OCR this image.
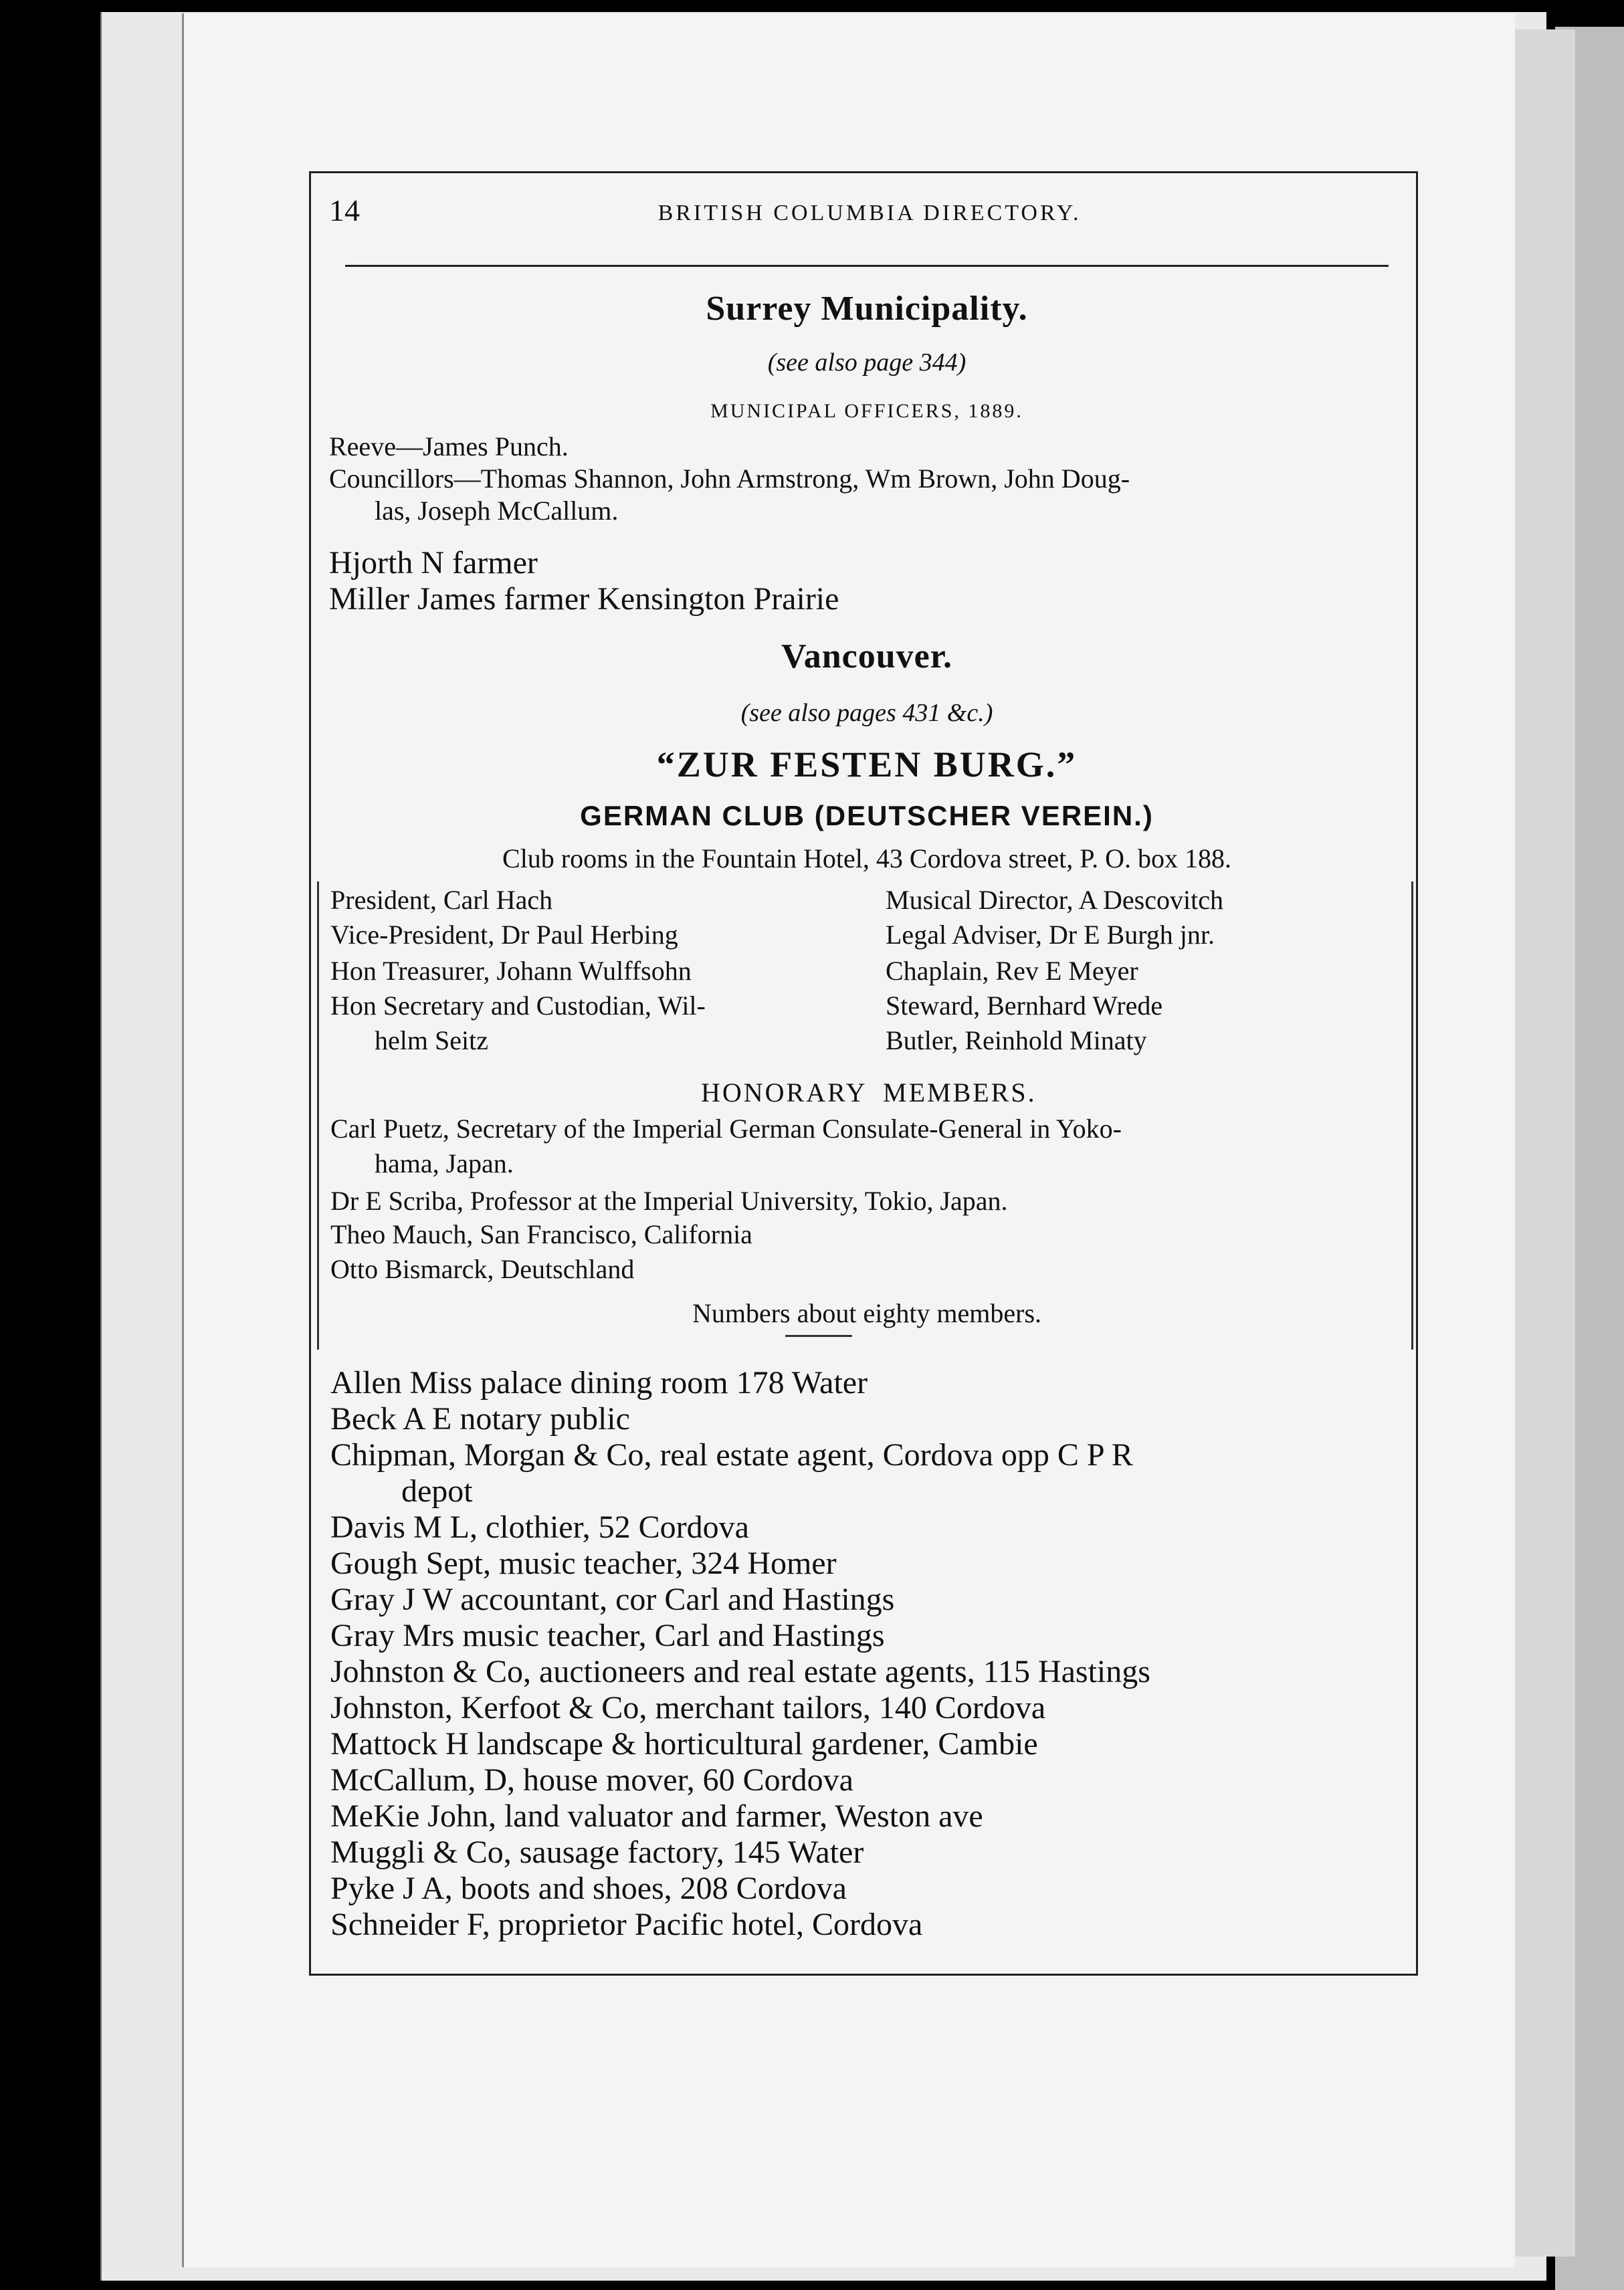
14	BRITISH COLUMBIA DIRECTORY.
Surrey Municipality.
(see also page 344)
MUNICIPAL OFFICERS, 1889.
Reeve—James Punch.
Councillors—Thomas Shannon, John Armstrong, Wm Brown, John Doug-
las, Joseph McCallum.
Hjorth N farmer
Miller James farmer Kensington Prairie
Vancouver.
(see also pages 431 &c.)
“ZUR FESTEN BURG.”
GERMAN CLUB (DEUTSCHER VEREIN.)
Club rooms in the Fountain Hotel, 43 Cordova street, P. O. box 188.
President, Carl Hach
Vice-President, Dr Paul Herbing
Hon Treasurer, Johann Wulffsohn
Hon Secretary and Custodian, Wil-
helm Seitz
Musical Director, A Descovitch
Legal Adviser, Dr E Burgh jnr.
Chaplain, Rev E Meyer
Steward, Bernhard Wrede
Butler, Reinhold Minaty
HONORARY MEMBERS.
Carl Puetz, Secretary of the Imperial German Consulate-General in Yoko-
hama, Japan.
Dr E Scriba, Professor at the Imperial University, Tokio, Japan.
Theo Mauch, San Francisco, California
Otto Bismarck, Deutschland
Numbers about eighty members.
Allen Miss palace dining room 178 Water
Beck A E notary public
Chipman, Morgan & Co, real estate agent, Cordova opp C P R
depot
Davis M L, clothier, 52 Cordova
Gough Sept, music teacher, 324 Homer
Gray J W accountant, cor Carl and Hastings
Gray Mrs music teacher, Carl and Hastings
Johnston & Co, auctioneers and real estate agents, 115 Hastings
Johnston, Kerfoot & Co, merchant tailors, 140 Cordova
Mattock H landscape & horticultural gardener, Cambie
McCallum, D, house mover, 60 Cordova
MeKie John, land valuator and farmer, Weston ave
Muggli & Co, sausage factory, 145 Water
Pyke J A, boots and shoes, 208 Cordova
Schneider F, proprietor Pacific hotel, Cordova
